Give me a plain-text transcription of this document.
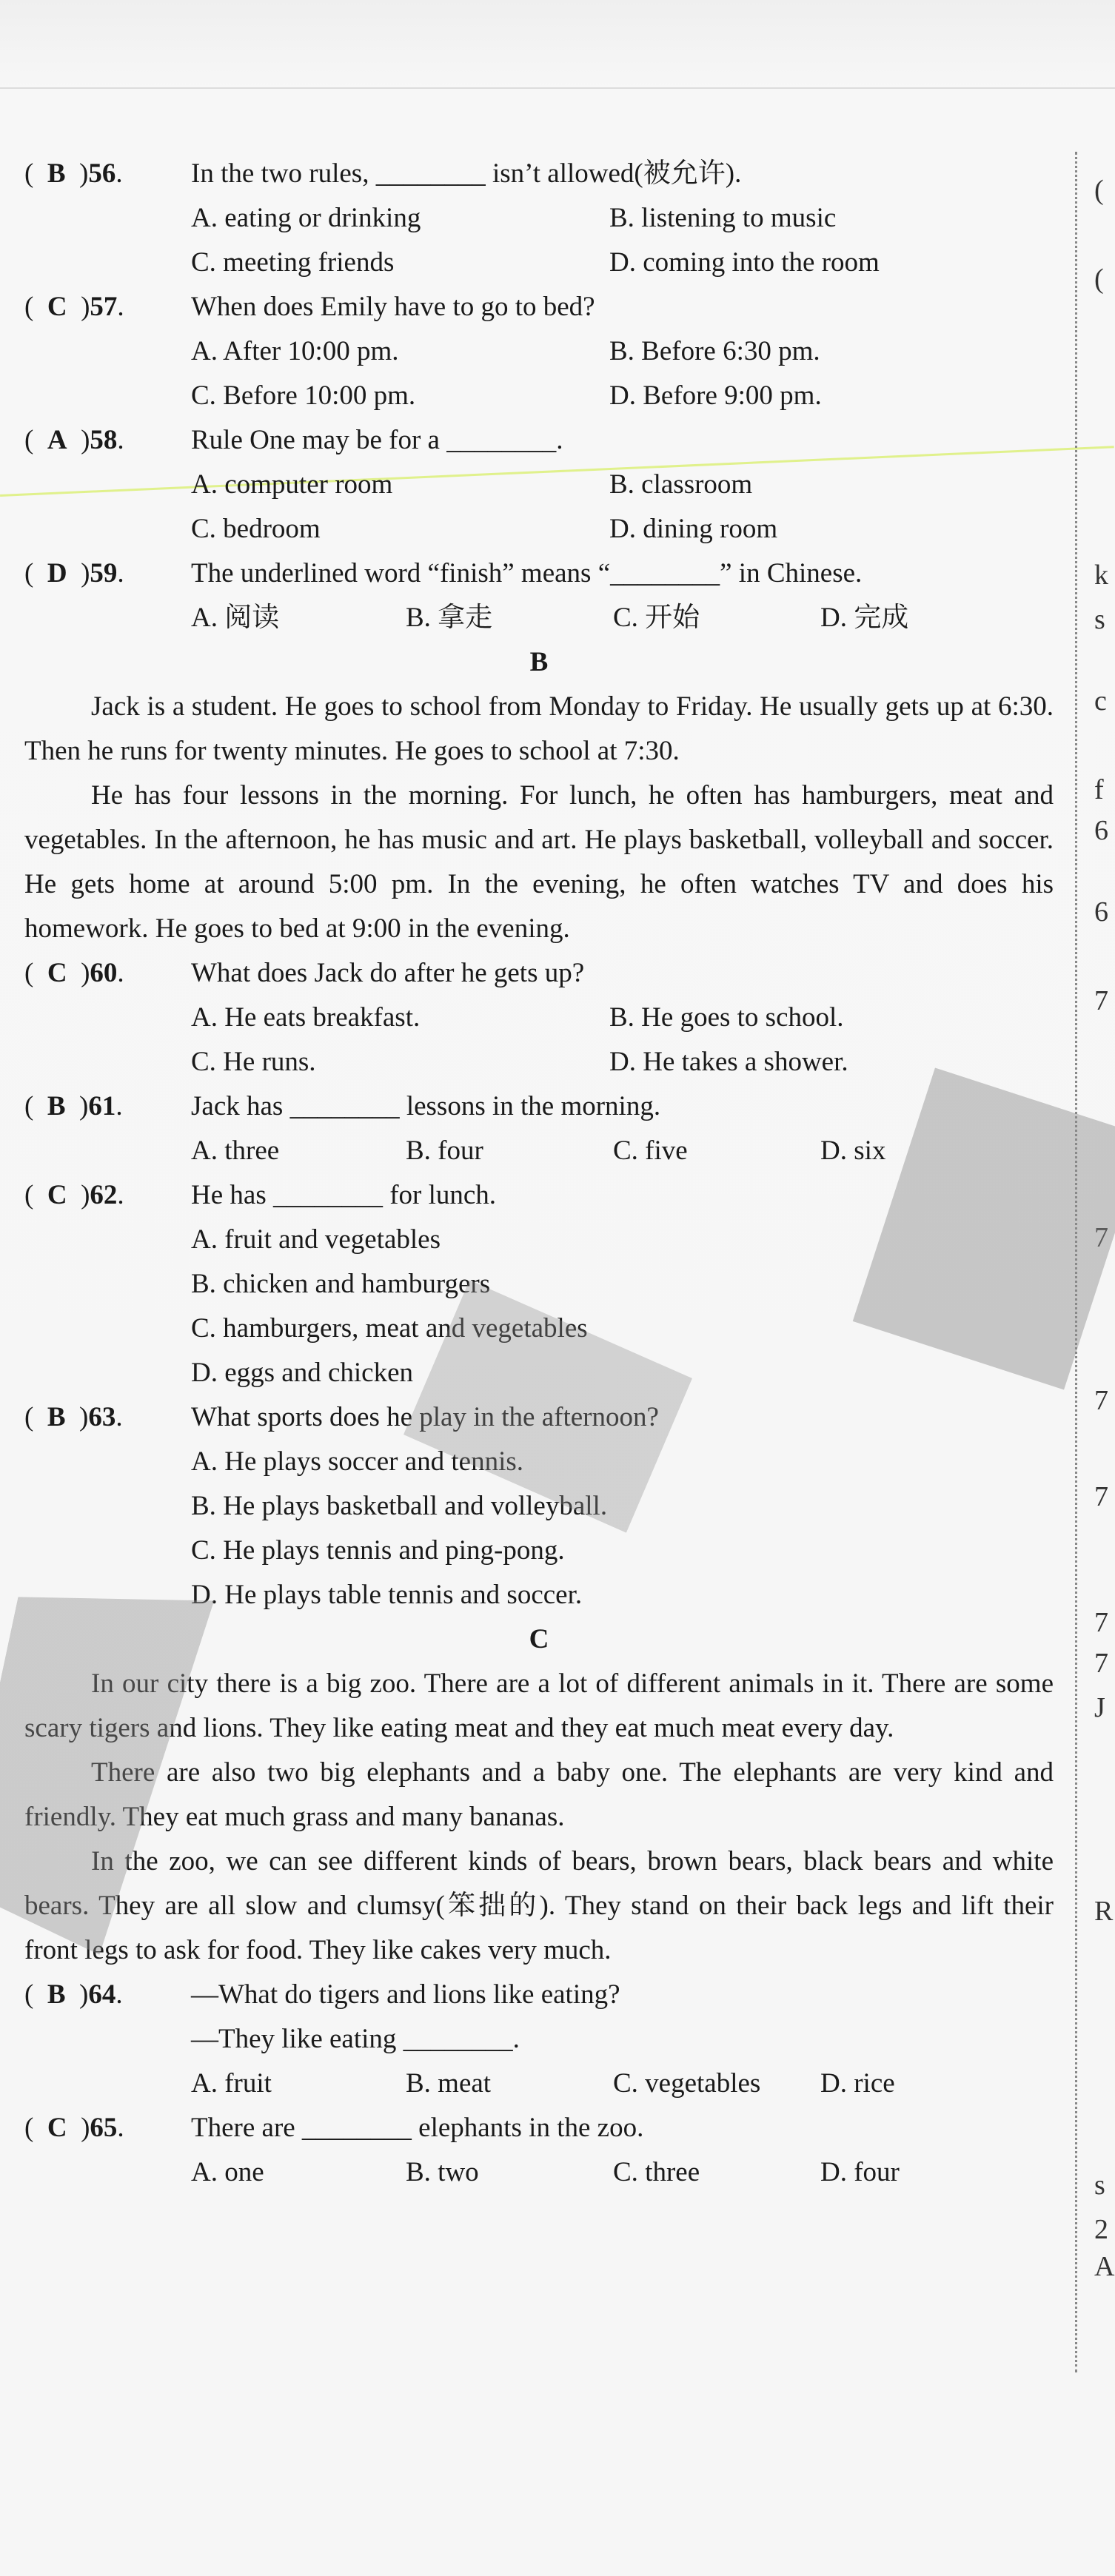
(  B  )56. In the two rules, ________ isn’t allowed(被允许).
A. eating or drinking	B. listening to music
C. meeting friends	D. coming into the room
(  C  )57. When does Emily have to go to bed?
A. After 10:00 pm.	B. Before 6:30 pm.
C. Before 10:00 pm.	D. Before 9:00 pm.
(  A  )58. Rule One may be for a ________.
A. computer room	B. classroom
C. bedroom	D. dining room
(  D  )59. The underlined word “finish” means “________” in Chinese.
A. 阅读	B. 拿走	C. 开始	D. 完成
B

Jack is a student. He goes to school from Monday to Friday. He usually gets up at 6:30. Then he runs for twenty minutes. He goes to school at 7:30.

He has four lessons in the morning. For lunch, he often has hamburgers, meat and vegetables. In the afternoon, he has music and art. He plays basketball, volleyball and soccer. He gets home at around 5:00 pm. In the evening, he often watches TV and does his homework. He goes to bed at 9:00 in the evening.

(  C  )60. What does Jack do after he gets up?
A. He eats breakfast.	B. He goes to school.
C. He runs.	D. He takes a shower.
(  B  )61. Jack has ________ lessons in the morning.
A. three	B. four	C. five	D. six
(  C  )62. He has ________ for lunch.
A. fruit and vegetables
B. chicken and hamburgers
C. hamburgers, meat and vegetables
D. eggs and chicken
(  B  )63. What sports does he play in the afternoon?
A. He plays soccer and tennis.
B. He plays basketball and volleyball.
C. He plays tennis and ping-pong.
D. He plays table tennis and soccer.
C

In our city there is a big zoo. There are a lot of different animals in it. There are some scary tigers and lions. They like eating meat and they eat much meat every day.

There are also two big elephants and a baby one. The elephants are very kind and friendly. They eat much grass and many bananas.

In the zoo, we can see different kinds of bears, brown bears, black bears and white bears. They are all slow and clumsy(笨拙的). They stand on their back legs and lift their front legs to ask for food. They like cakes very much.

(  B  )64. —What do tigers and lions like eating?
—They like eating ________.
A. fruit	B. meat	C. vegetables D. rice
(  C  )65. There are ________ elephants in the zoo.
A. one	B. two	C. three	D. four
(
(
k
s
c
f
6
6
7
7
7
7
7
7
J
R
s
2
A
